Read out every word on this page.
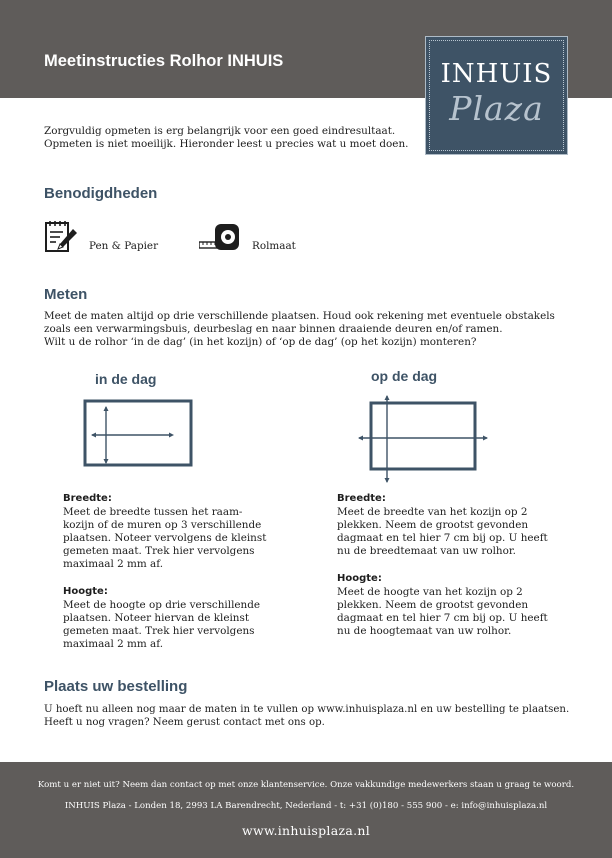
Meetinstructies Rolhor INHUIS	INHUIS
Plaza
Zorgvuldig opmeten is erg belangrijk voor een goed eindresultaat.
Opmeten is niet moeilijk. Hieronder leest u precies wat u moet doen.
Benodigdheden
Pen & Papier	Rolmaat
Meten
Meet de maten altijd op drie verschillende plaatsen. Houd ook rekening met eventuele obstakels
zoals een verwarmingsbuis, deurbeslag en naar binnen draaiende deuren en/of ramen.
Wilt u de rolhor ‘in de dag’ (in het kozijn) of ‘op de dag’ (op het kozijn) monteren?
in de dag
Breedte:
Meet de breedte tussen het raam-
kozijn of de muren op 3 verschillende
plaatsen. Noteer vervolgens de kleinst
gemeten maat. Trek hier vervolgens
maximaal 2 mm af.
Hoogte:
Meet de hoogte op drie verschillende
plaatsen. Noteer hiervan de kleinst
gemeten maat. Trek hier vervolgens
maximaal 2 mm af.
op de dag
Breedte:
Meet de breedte van het kozijn op 2
plekken. Neem de grootst gevonden
dagmaat en tel hier 7 cm bij op. U heeft
nu de breedtemaat van uw rolhor.
Hoogte:
Meet de hoogte van het kozijn op 2
plekken. Neem de grootst gevonden
dagmaat en tel hier 7 cm bij op. U heeft
nu de hoogtemaat van uw rolhor.
Plaats uw bestelling
U hoeft nu alleen nog maar de maten in te vullen op www.inhuisplaza.nl en uw bestelling te plaatsen.
Heeft u nog vragen? Neem gerust contact met ons op.
Komt u er niet uit? Neem dan contact op met onze klantenservice. Onze vakkundige medewerkers staan u graag te woord.
INHUIS Plaza - Londen 18, 2993 LA Barendrecht, Nederland - t: +31 (0)180 - 555 900 - e: info@inhuisplaza.nl
www.inhuisplaza.nl
